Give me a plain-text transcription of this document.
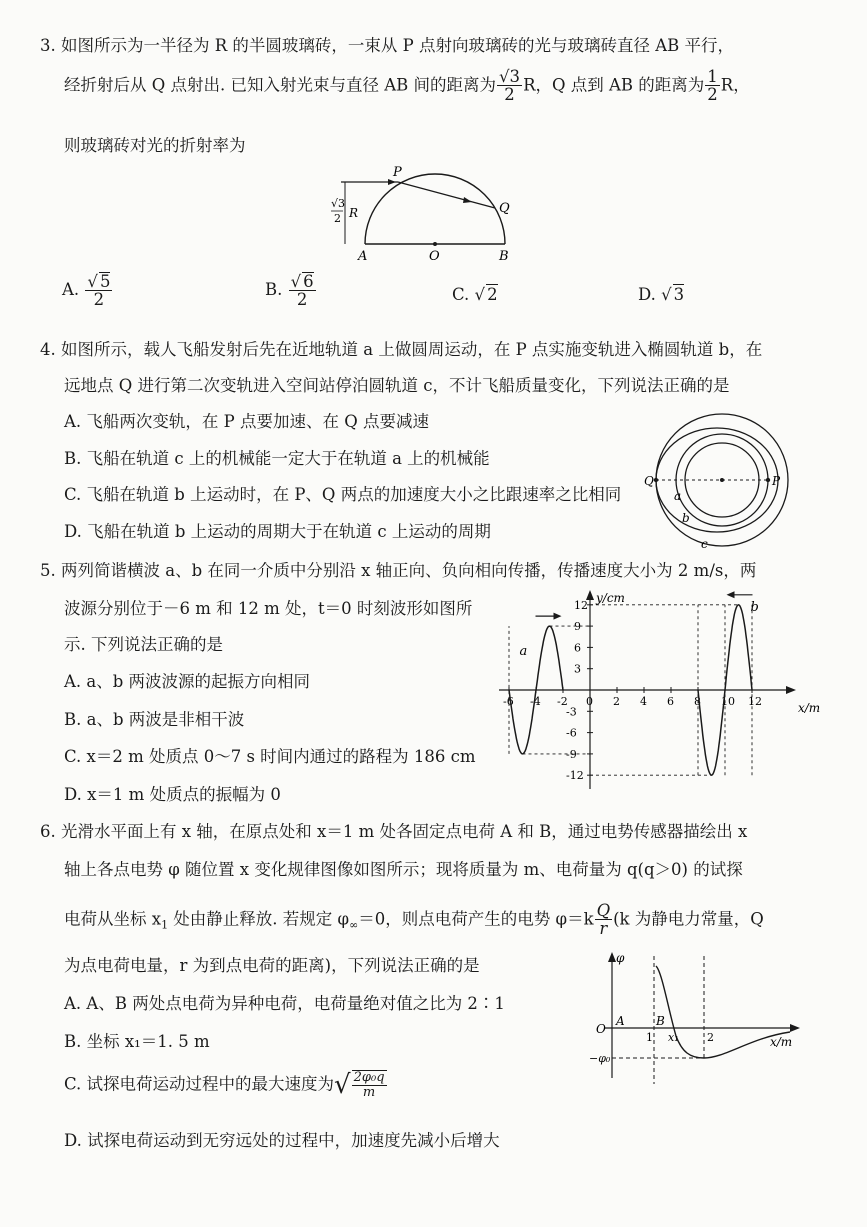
3. 如图所示为一半径为 R 的半圆玻璃砖，一束从 P 点射向玻璃砖的光与玻璃砖直径 AB 平行，
经折射后从 Q 点射出. 已知入射光束与直径 AB 间的距离为 $\frac{√3}{2}$ R，Q 点到 AB 的距离为 $\frac{1}{2}$ R，
则玻璃砖对光的折射率为
P
Q
A	O	B
√3
2 R
A. √ $\frac{5}{2}$	B. √ $\frac{6}{2}$	C. √ 2	D. √ 3
4. 如图所示，载人飞船发射后先在近地轨道 a 上做圆周运动，在 P 点实施变轨进入椭圆轨道 b，在
远地点 Q 进行第二次变轨进入空间站停泊圆轨道 c，不计飞船质量变化，下列说法正确的是
A. 飞船两次变轨，在 P 点要加速、在 Q 点要减速
B. 飞船在轨道 c 上的机械能一定大于在轨道 a 上的机械能
C. 飞船在轨道 b 上运动时，在 P、Q 两点的加速度大小之比跟速率之比相同
D. 飞船在轨道 b 上运动的周期大于在轨道 c 上运动的周期
Q	P
a
b
c
5. 两列简谐横波 a、b 在同一介质中分别沿 x 轴正向、负向相向传播，传播速度大小为 2 m/s，两
波源分别位于－6 m 和 12 m 处，t＝0 时刻波形如图所
示. 下列说法正确的是
A. a、b 两波波源的起振方向相同
B. a、b 两波是非相干波
C. x＝2 m 处质点 0～7 s 时间内通过的路程为 186 cm
D. x＝1 m 处质点的振幅为 0
y/cm
x/m
-6 -4 -2 0 2 4 6 8 10 12
12
9
6
3
-3
-6
-9
-12
a
b
6. 光滑水平面上有 x 轴，在原点处和 x＝1 m 处各固定点电荷 A 和 B，通过电势传感器描绘出 x
轴上各点电势 φ 随位置 x 变化规律图像如图所示；现将质量为 m、电荷量为 q(q＞0) 的试探
电荷从坐标 $x_1$ 处由静止释放. 若规定 $\varphi_\infty=0$，则点电荷产生的电势 $\varphi=k \frac{Q}{r} (k$ 为静电力常量，Q
为点电荷电量，r 为到点电荷的距离)，下列说法正确的是
A. A、B 两处点电荷为异种电荷，电荷量绝对值之比为 2∶1
B. 坐标 x₁＝1. 5 m
C. 试探电荷运动过程中的最大速度为 √ $\frac{\text{2φ₀q}}{m}$
D. 试探电荷运动到无穷远处的过程中，加速度先减小后增大
φ
O
A	B
1 x₁	2	x/m
−φ₀
